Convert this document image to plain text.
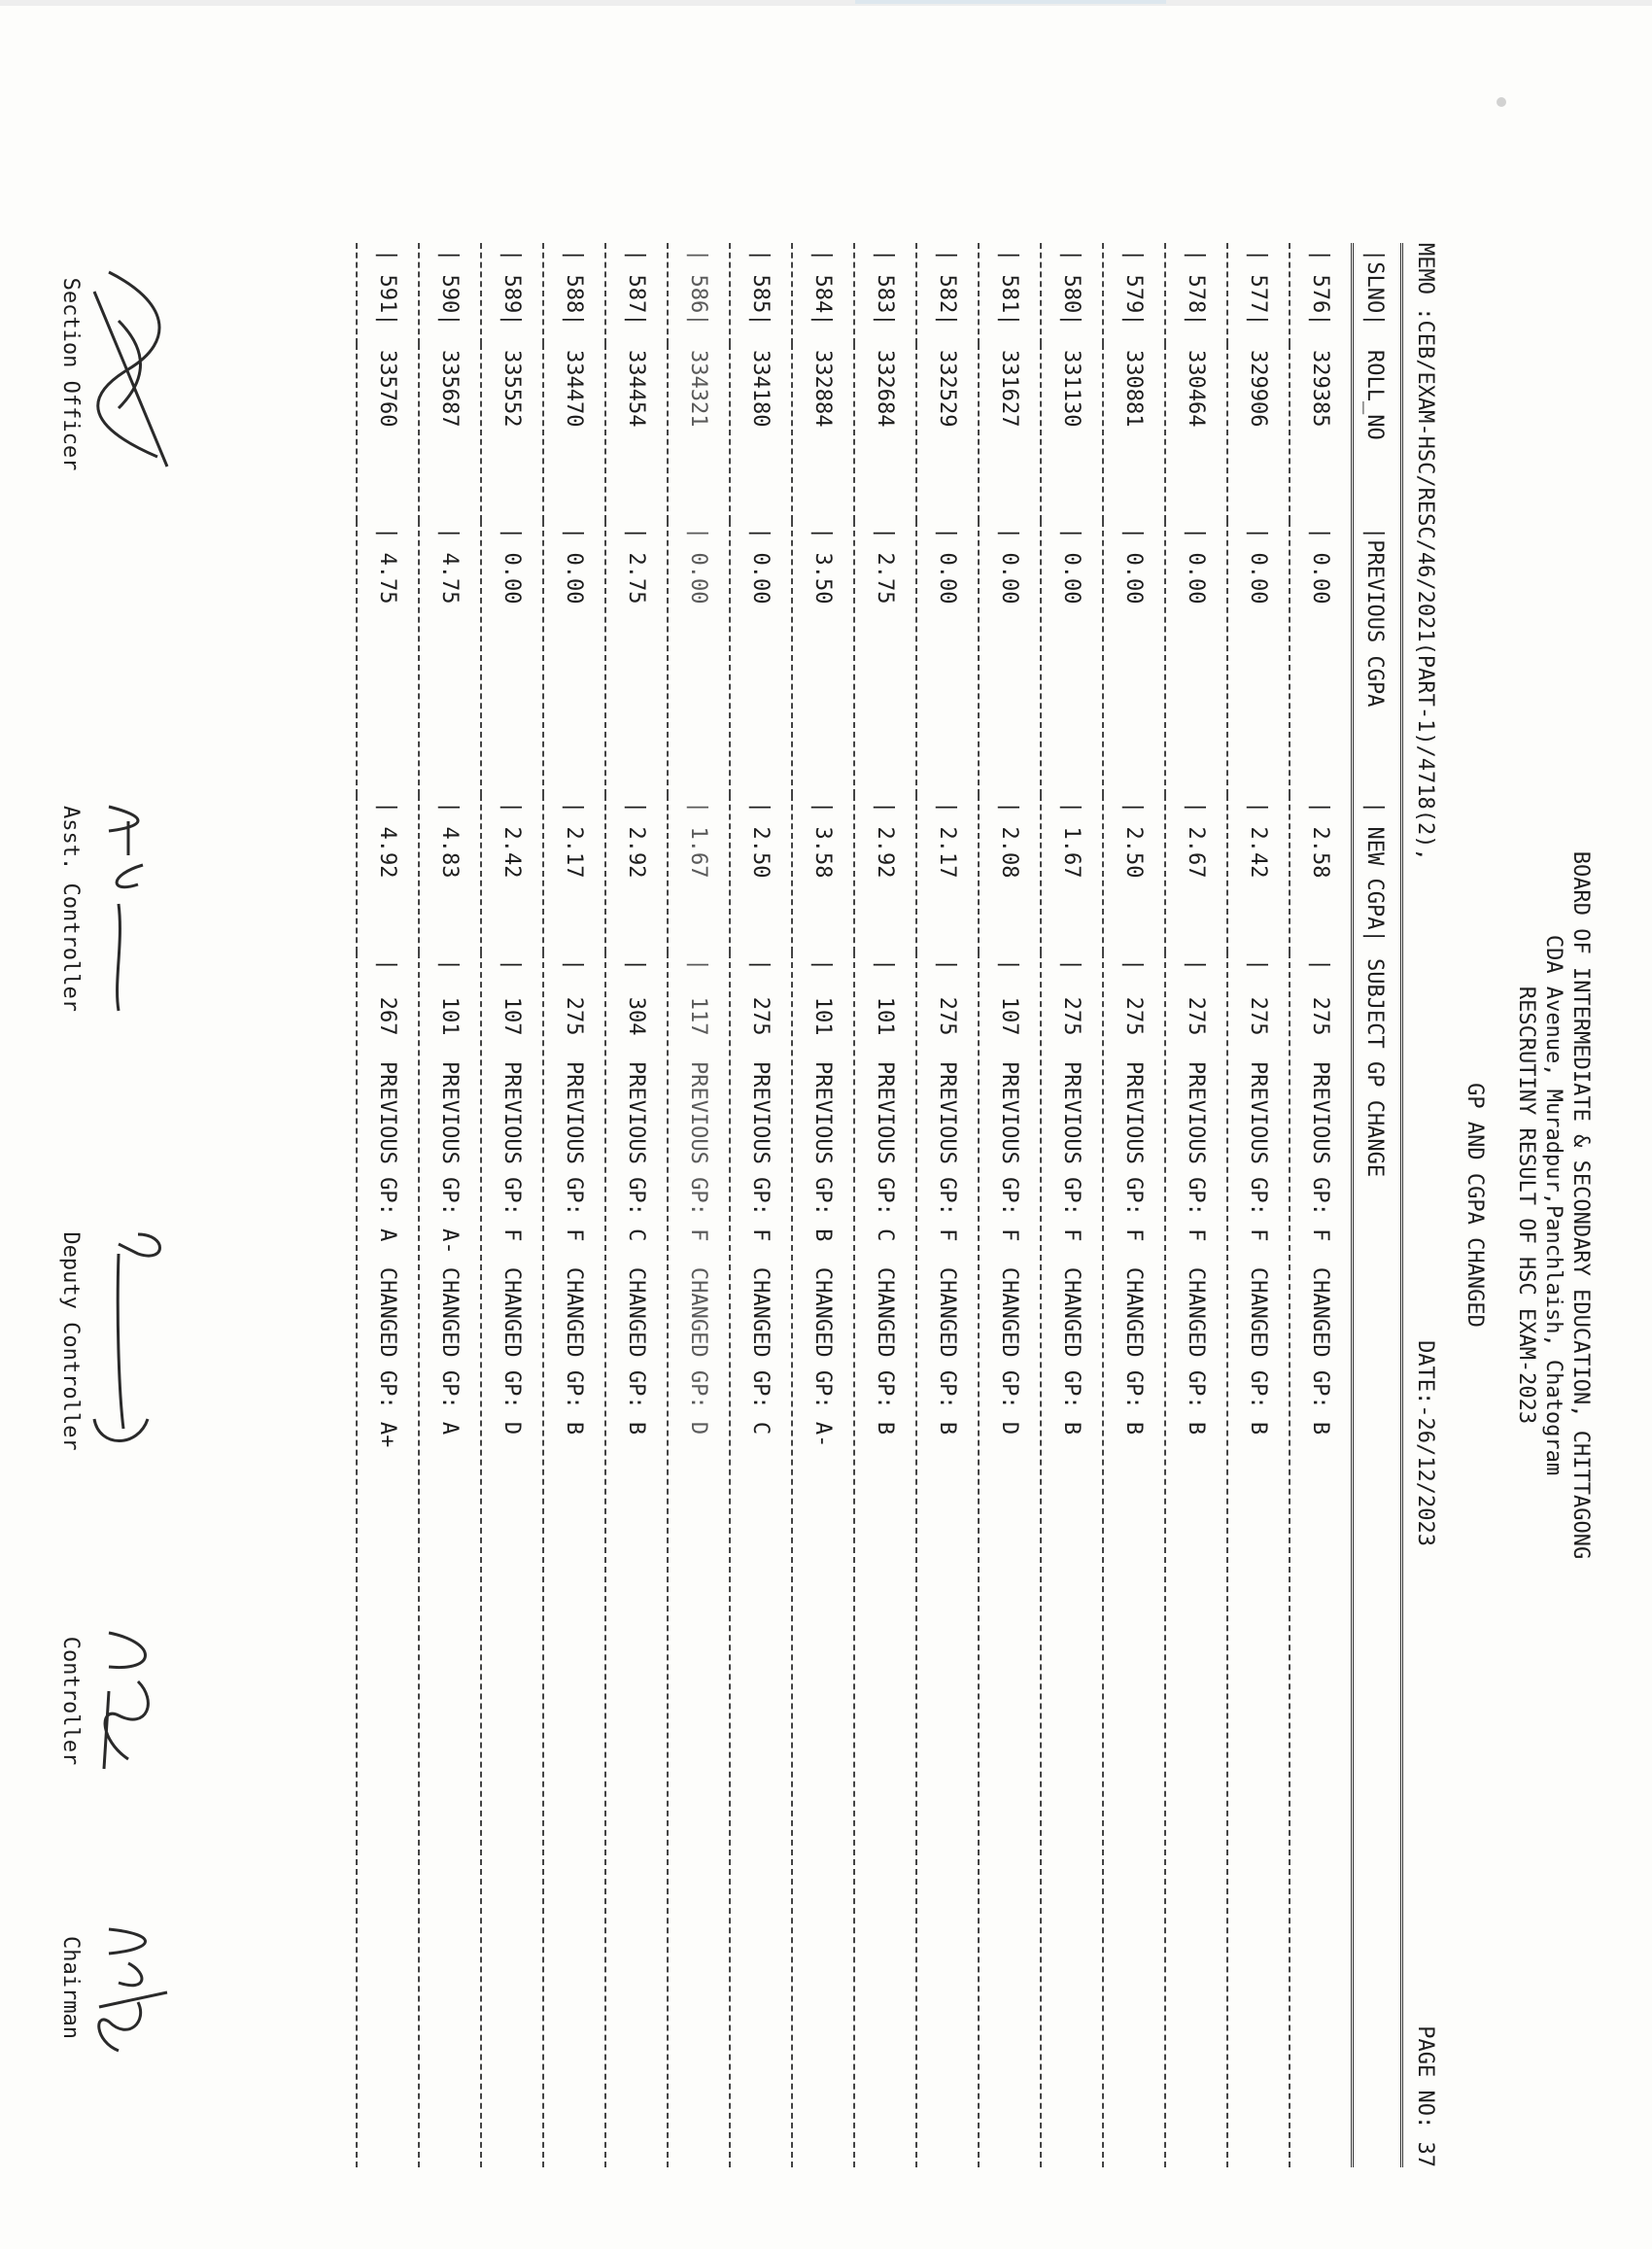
BOARD OF INTERMEDIATE & SECONDARY EDUCATION, CHITTAGONG
CDA Avenue, Muradpur,Panchlaish, Chatogram
RESCRUTINY RESULT OF HSC EXAM-2023
GP AND CGPA CHANGED
MEMO :CEB/EXAM-HSC/RESC/46/2021(PART-1)/4718(2),
DATE:-26/12/2023
PAGE NO: 37
|SLNO|	ROLL_NO	|PREVIOUS CGPA	| NEW CGPA|	SUBJECT GP CHANGE
| 576|	329385	| 0.00	| 2.58	|  275  PREVIOUS GP: F  CHANGED GP: B
| 577|	329906	| 0.00	| 2.42	|  275  PREVIOUS GP: F  CHANGED GP: B
| 578|	330464	| 0.00	| 2.67	|  275  PREVIOUS GP: F  CHANGED GP: B
| 579|	330881	| 0.00	| 2.50	|  275  PREVIOUS GP: F  CHANGED GP: B
| 580|	331130	| 0.00	| 1.67	|  275  PREVIOUS GP: F  CHANGED GP: B
| 581|	331627	| 0.00	| 2.08	|  107  PREVIOUS GP: F  CHANGED GP: D
| 582|	332529	| 0.00	| 2.17	|  275  PREVIOUS GP: F  CHANGED GP: B
| 583|	332684	| 2.75	| 2.92	|  101  PREVIOUS GP: C  CHANGED GP: B
| 584|	332884	| 3.50	| 3.58	|  101  PREVIOUS GP: B  CHANGED GP: A-
| 585|	334180	| 0.00	| 2.50	|  275  PREVIOUS GP: F  CHANGED GP: C
| 586|	334321	| 0.00	| 1.67	|  117  PREVIOUS GP: F  CHANGED GP: D
| 587|	334454	| 2.75	| 2.92	|  304  PREVIOUS GP: C  CHANGED GP: B
| 588|	334470	| 0.00	| 2.17	|  275  PREVIOUS GP: F  CHANGED GP: B
| 589|	335552	| 0.00	| 2.42	|  107  PREVIOUS GP: F  CHANGED GP: D
| 590|	335687	| 4.75	| 4.83	|  101  PREVIOUS GP: A- CHANGED GP: A
| 591|	335760	| 4.75	| 4.92	|  267  PREVIOUS GP: A  CHANGED GP: A+
Section Officer
Asst. Controller
Deputy Controller
Controller
Chairman
